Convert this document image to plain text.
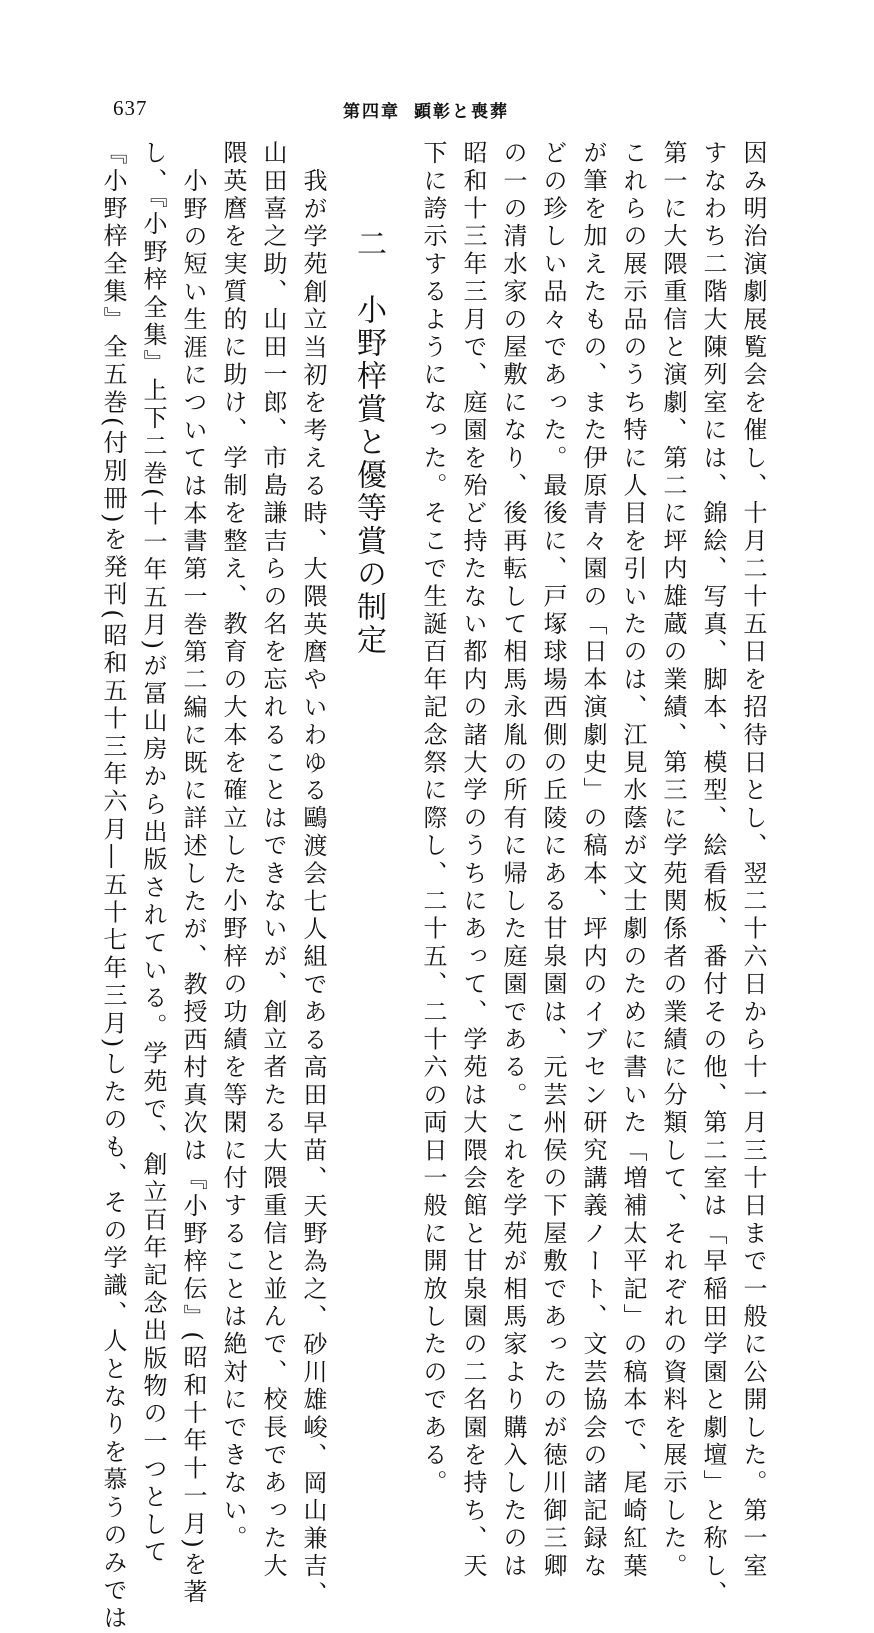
637	第四章 顕彰と喪葬
因み明治演劇展覧会を催し、十月二十五日を招待日とし、翌二十六日から十一月三十日まで一般に公開した。第一室
すなわち二階大陳列室には、錦絵、写真、脚本、模型、絵看板、番付その他、第二室は「早稲田学園と劇壇」と称し、
第一に大隈重信と演劇、第二に坪内雄蔵の業績、第三に学苑関係者の業績に分類して、それぞれの資料を展示した。
これらの展示品のうち特に人目を引いたのは、江見水蔭が文士劇のために書いた「増補太平記」の稿本で、尾崎紅葉
が筆を加えたもの、また伊原青々園の「日本演劇史」の稿本、坪内のイブセン研究講義ノート、文芸協会の諸記録な
どの珍しい品々であった。最後に、戸塚球場西側の丘陵にある甘泉園は、元芸州侯の下屋敷であったのが徳川御三卿
の一の清水家の屋敷になり、後再転して相馬永胤の所有に帰した庭園である。これを学苑が相馬家より購入したのは
昭和十三年三月で、庭園を殆ど持たない都内の諸大学のうちにあって、学苑は大隈会館と甘泉園の二名園を持ち、天
下に誇示するようになった。そこで生誕百年記念祭に際し、二十五、二十六の両日一般に開放したのである。
二　小野梓賞と優等賞の制定
我が学苑創立当初を考える時、大隈英麿やいわゆる鷗渡会七人組である高田早苗、天野為之、砂川雄峻、岡山兼吉、
山田喜之助、山田一郎、市島謙吉らの名を忘れることはできないが、創立者たる大隈重信と並んで、校長であった大
隈英麿を実質的に助け、学制を整え、教育の大本を確立した小野梓の功績を等閑に付することは絶対にできない。
小野の短い生涯については本書第一巻第二編に既に詳述したが、教授西村真次は『小野梓伝』(昭和十年十一月)を著
し、『小野梓全集』上下二巻(十一年五月)が冨山房から出版されている。学苑で、創立百年記念出版物の一つとして
『小野梓全集』全五巻(付別冊)を発刊(昭和五十三年六月―五十七年三月)したのも、その学識、人となりを慕うのみでは
